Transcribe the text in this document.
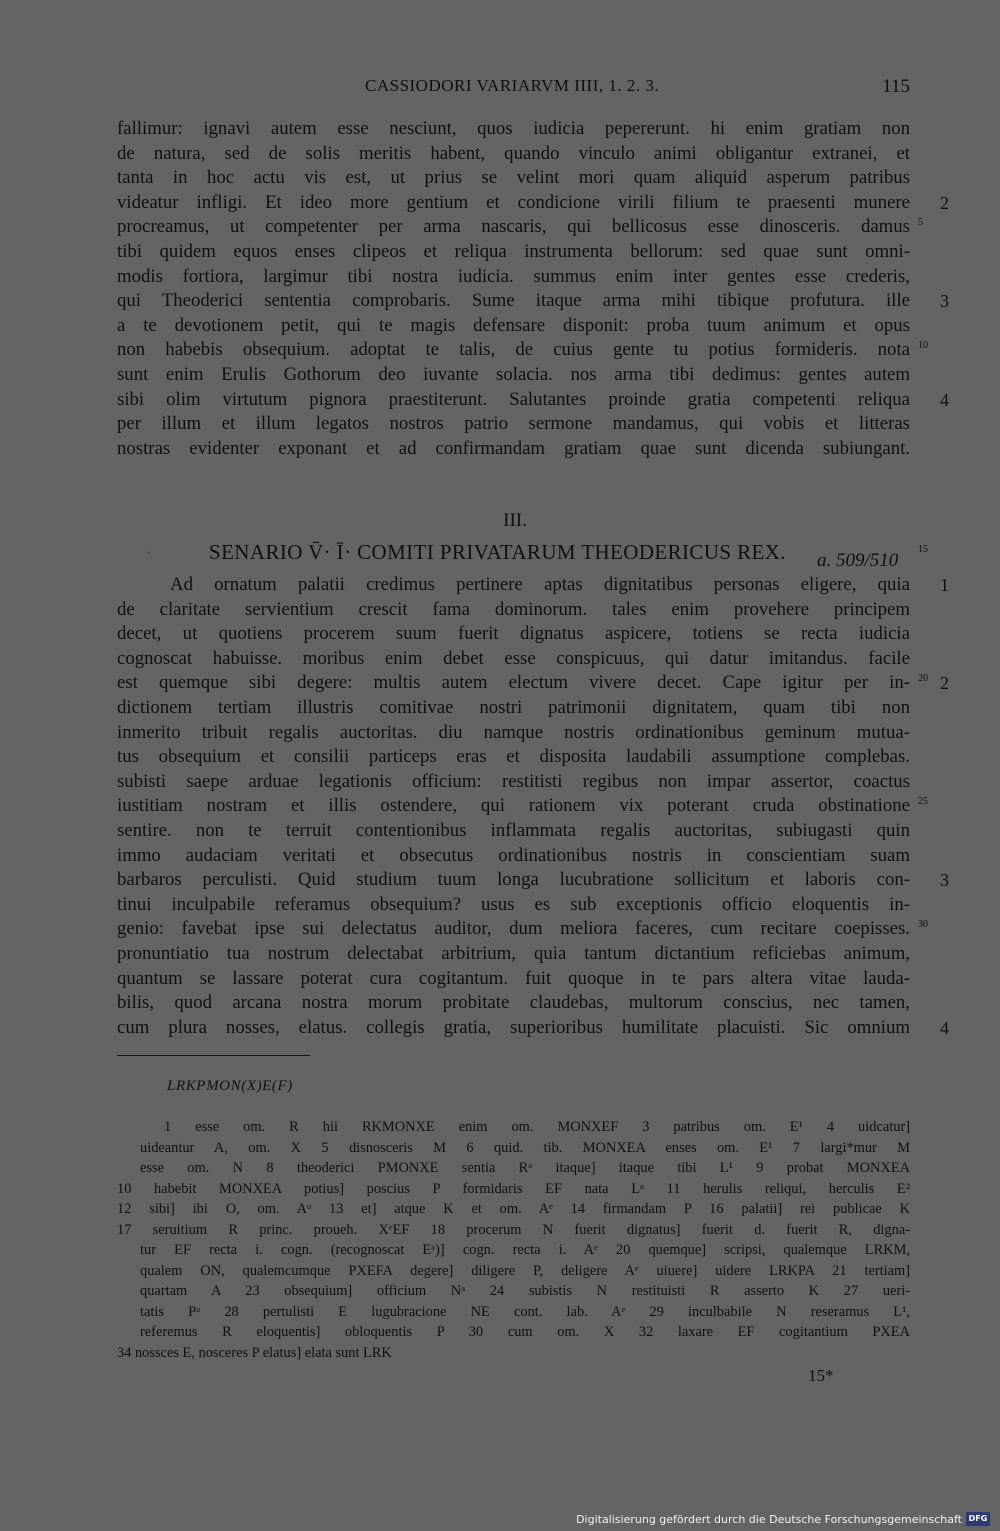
CASSIODORI VARIARVM IIII, 1. 2. 3.	115
fallimur: ignavi autem esse nesciunt, quos iudicia pepererunt. hi enim gratiam non
de natura, sed de solis meritis habent, quando vinculo animi obligantur extranei, et
tanta in hoc actu vis est, ut prius se velint mori quam aliquid asperum patribus
videatur infligi. Et ideo more gentium et condicione virili filium te praesenti munere 2
procreamus, ut competenter per arma nascaris, qui bellicosus esse dinosceris. damus 5
tibi quidem equos enses clipeos et reliqua instrumenta bellorum: sed quae sunt omni-
modis fortiora, largimur tibi nostra iudicia. summus enim inter gentes esse crederis,
qui Theoderici sententia comprobaris. Sume itaque arma mihi tibique profutura. ille 3
a te devotionem petit, qui te magis defensare disponit: proba tuum animum et opus
non habebis obsequium. adoptat te talis, de cuius gente tu potius formideris. nota 10
sunt enim Erulis Gothorum deo iuvante solacia. nos arma tibi dedimus: gentes autem
sibi olim virtutum pignora praestiterunt. Salutantes proinde gratia competenti reliqua 4
per illum et illum legatos nostros patrio sermone mandamus, qui vobis et litteras
nostras evidenter exponant et ad confirmandam gratiam quae sunt dicenda subiungant.
III.
·	SENARIO V̄· Ī· COMITI PRIVATARUM THEODERICUS REX. a. 509/510
15
Ad ornatum palatii credimus pertinere aptas dignitatibus personas eligere, quia 1
de claritate servientium crescit fama dominorum. tales enim provehere principem
decet, ut quotiens procerem suum fuerit dignatus aspicere, totiens se recta iudicia
cognoscat habuisse. moribus enim debet esse conspicuus, qui datur imitandus. facile
est quemque sibi degere: multis autem electum vivere decet. Cape igitur per in- 20 2
dictionem tertiam illustris comitivae nostri patrimonii dignitatem, quam tibi non
inmerito tribuit regalis auctoritas. diu namque nostris ordinationibus geminum mutua-
tus obsequium et consilii particeps eras et disposita laudabili assumptione complebas.
subisti saepe arduae legationis officium: restitisti regibus non impar assertor, coactus
iustitiam nostram et illis ostendere, qui rationem vix poterant cruda obstinatione 25
sentire. non te terruit contentionibus inflammata regalis auctoritas, subiugasti quin
immo audaciam veritati et obsecutus ordinationibus nostris in conscientiam suam
barbaros perculisti. Quid studium tuum longa lucubratione sollicitum et laboris con- 3
tinui inculpabile referamus obsequium? usus es sub exceptionis officio eloquentis in-
genio: favebat ipse sui delectatus auditor, dum meliora faceres, cum recitare coepisses. 30
pronuntiatio tua nostrum delectabat arbitrium, quia tantum dictantium reficiebas animum,
quantum se lassare poterat cura cogitantum. fuit quoque in te pars altera vitae lauda-
bilis, quod arcana nostra morum probitate claudebas, multorum conscius, nec tamen,
cum plura nosses, elatus. collegis gratia, superioribus humilitate placuisti. Sic omnium 4
LRKPMON(X)E(F)
1 esse om. R hii RKMONXE enim om. MONXEF 3 patribus om. E¹ 4 uidcatur]
uideantur A, om. X 5 disnosceris M 6 quid. tib. MONXEA enses om. E¹ 7 largi*mur M
esse om. N 8 theoderici PMONXE sentia Rᵃ itaque] itaque tibi L¹ 9 probat MONXEA
10 habebit MONXEA potius] poscius P formidaris EF nata Lᵃ 11 herulis reliqui, herculis E²
12 sibi] ibi O, om. Aᵒ 13 et] atque K et om. Aᵉ 14 firmandam P 16 palatii] rei publicae K
17 seruitium R princ. proueh. XᵉEF 18 procerum N fuerit dignatus] fuerit d. fuerit R, digna-
tur EF recta i. cogn. (recognoscat Eᵃ)] cogn. recta i. Aᵉ 20 quemque] scripsi, qualemque LRKM,
qualem ON, qualemcumque PXEFA degere] diligere P, deligere Aᵉ uiuere] uidere LRKPA 21 tertiam]
quartam A 23 obsequium] officium Nᵃ 24 subistis N restituisti R asserto K 27 ueri-
tatis Pᵃ 28 pertulisti E lugubracione NE cont. lab. Aᵉ 29 inculbabile N reseramus L¹,
referemus R eloquentis] obloquentis P 30 cum om. X 32 laxare EF cogitantium PXEA
34 nossces E, nosceres P elatus] elata sunt LRK
15*
Digitalisierung gefördert durch die Deutsche Forschungsgemeinschaft DFG
